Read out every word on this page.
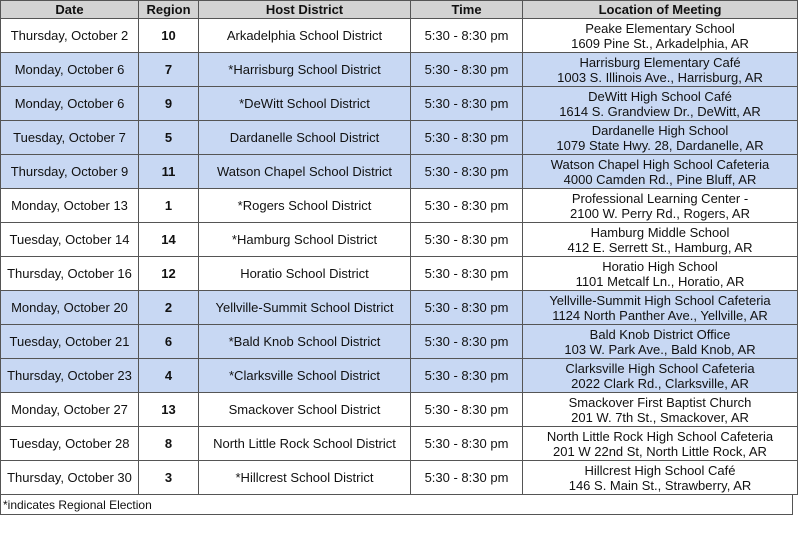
Date	Region	Host District	Time	Location of Meeting
Thursday, October 2	10	Arkadelphia School District	5:30 - 8:30 pm	Peake Elementary School
1609 Pine St., Arkadelphia, AR

Monday, October 6	7	*Harrisburg School District	5:30 - 8:30 pm	Harrisburg Elementary Café
1003 S. Illinois Ave., Harrisburg, AR

Monday, October 6	9	*DeWitt School District	5:30 - 8:30 pm	DeWitt High School Café
1614 S. Grandview Dr., DeWitt, AR

Tuesday, October 7	5	Dardanelle School District	5:30 - 8:30 pm	Dardanelle High School
1079 State Hwy. 28, Dardanelle, AR

Thursday, October 9	11	Watson Chapel School District	5:30 - 8:30 pm	Watson Chapel High School Cafeteria
4000 Camden Rd., Pine Bluff, AR

Monday, October 13	1	*Rogers School District	5:30 - 8:30 pm	Professional Learning Center -
2100 W. Perry Rd., Rogers, AR

Tuesday, October 14	14	*Hamburg School District	5:30 - 8:30 pm	Hamburg Middle School
412 E. Serrett St., Hamburg, AR

Thursday, October 16	12	Horatio School District	5:30 - 8:30 pm	Horatio High School
1101 Metcalf Ln., Horatio, AR

Monday, October 20	2	Yellville-Summit School District	5:30 - 8:30 pm	Yellville-Summit High School Cafeteria
1124 North Panther Ave., Yellville, AR

Tuesday, October 21	6	*Bald Knob School District	5:30 - 8:30 pm	Bald Knob District Office
103 W. Park Ave., Bald Knob, AR

Thursday, October 23	4	*Clarksville School District	5:30 - 8:30 pm	Clarksville High School Cafeteria
2022 Clark Rd., Clarksville, AR

Monday, October 27	13	Smackover School District	5:30 - 8:30 pm	Smackover First Baptist Church
201 W. 7th St., Smackover, AR

Tuesday, October 28	8	North Little Rock School District	5:30 - 8:30 pm	North Little Rock High School Cafeteria
201 W 22nd St, North Little Rock, AR

Thursday, October 30	3	*Hillcrest School District	5:30 - 8:30 pm	Hillcrest High School Café
146 S. Main St., Strawberry, AR
*indicates Regional Election
